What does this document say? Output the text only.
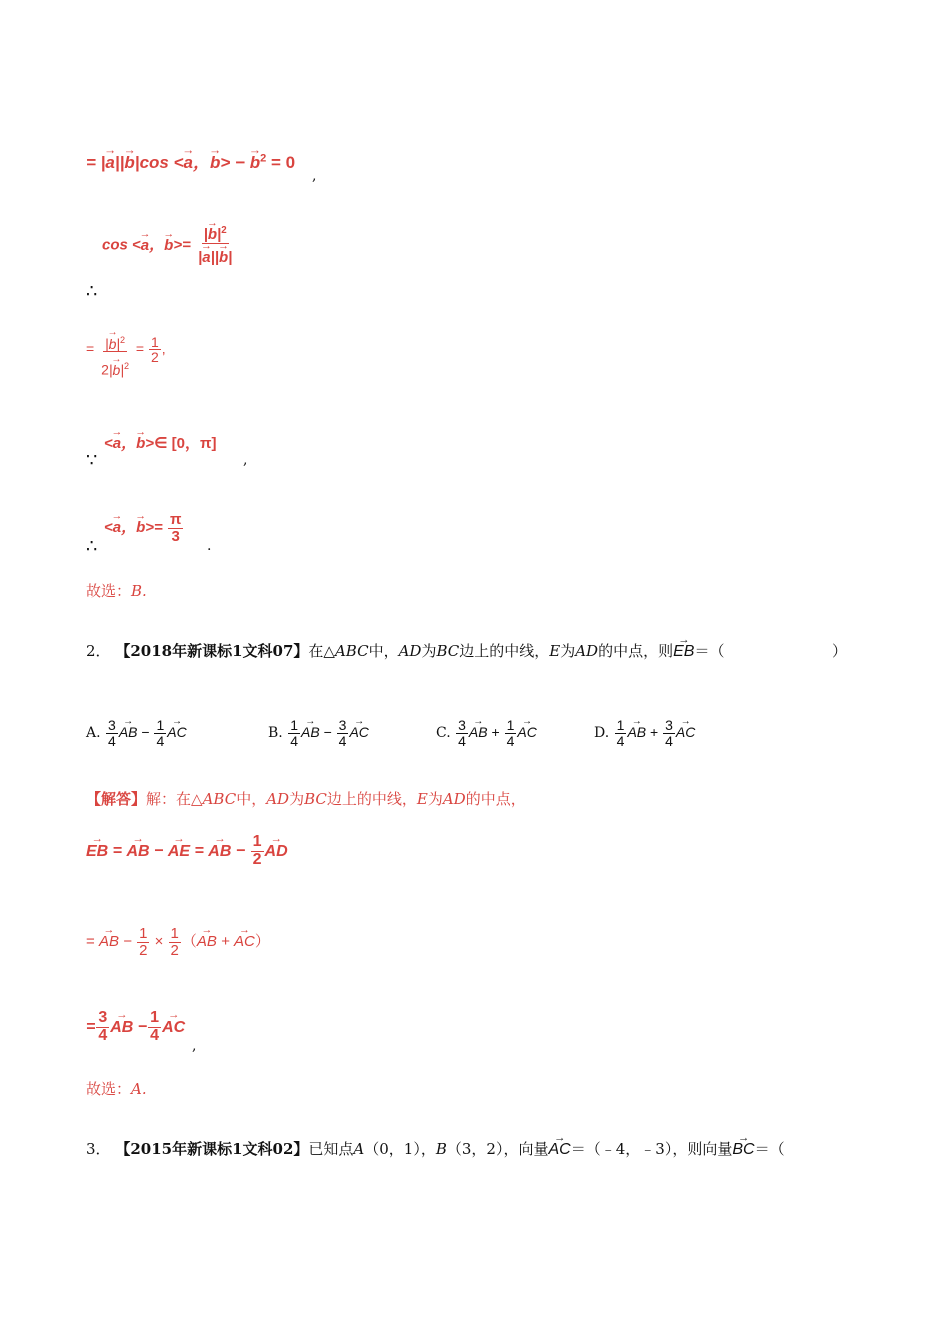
= |→ a||→ b|cos <→ a，→ b> − → $b^2 = 0$
,
cos <→ a，→ $b>= \frac{|\to b|^2}{|\to a||\to b|}$
∴
= $\frac{|\to b|^2}{2|\to b|^2} = \frac{1}{2}$ ,
<→ a，→ b>∈ [0，π]
∵	,
<→ a，→ $b>= \frac{\pi}{3}$
∴	.
故选：B.
2． 【2018年新课标1文科07】在△ABC中，AD为BC边上的中线，E为AD的中点，则→ EB＝（	）
A. $\frac{3}{4}$ → AB − $\frac{1}{4}$ → AC	B. $\frac{1}{4}$ → AB − $\frac{3}{4}$ → AC	C. $\frac{3}{4}$ → AB + $\frac{1}{4}$ → AC	D. $\frac{1}{4}$ → AB + $\frac{3}{4}$ → AC
【解答】解：在△ABC中，AD为BC边上的中线，E为AD的中点，
→ EB = → AB − → AE = → AB − $\frac{1}{2}$ → AD
= → AB − $\frac{1}{2} \times \frac{1}{2}$ （→ AB + → AC）
= $\frac{3}{4}$ → AB − $\frac{1}{4}$ → AC
,
故选：A.
3． 【2015年新课标1文科02】已知点A（0，1），B（3，2），向量→ AC＝（﹣4，﹣3），则向量→ BC＝（
